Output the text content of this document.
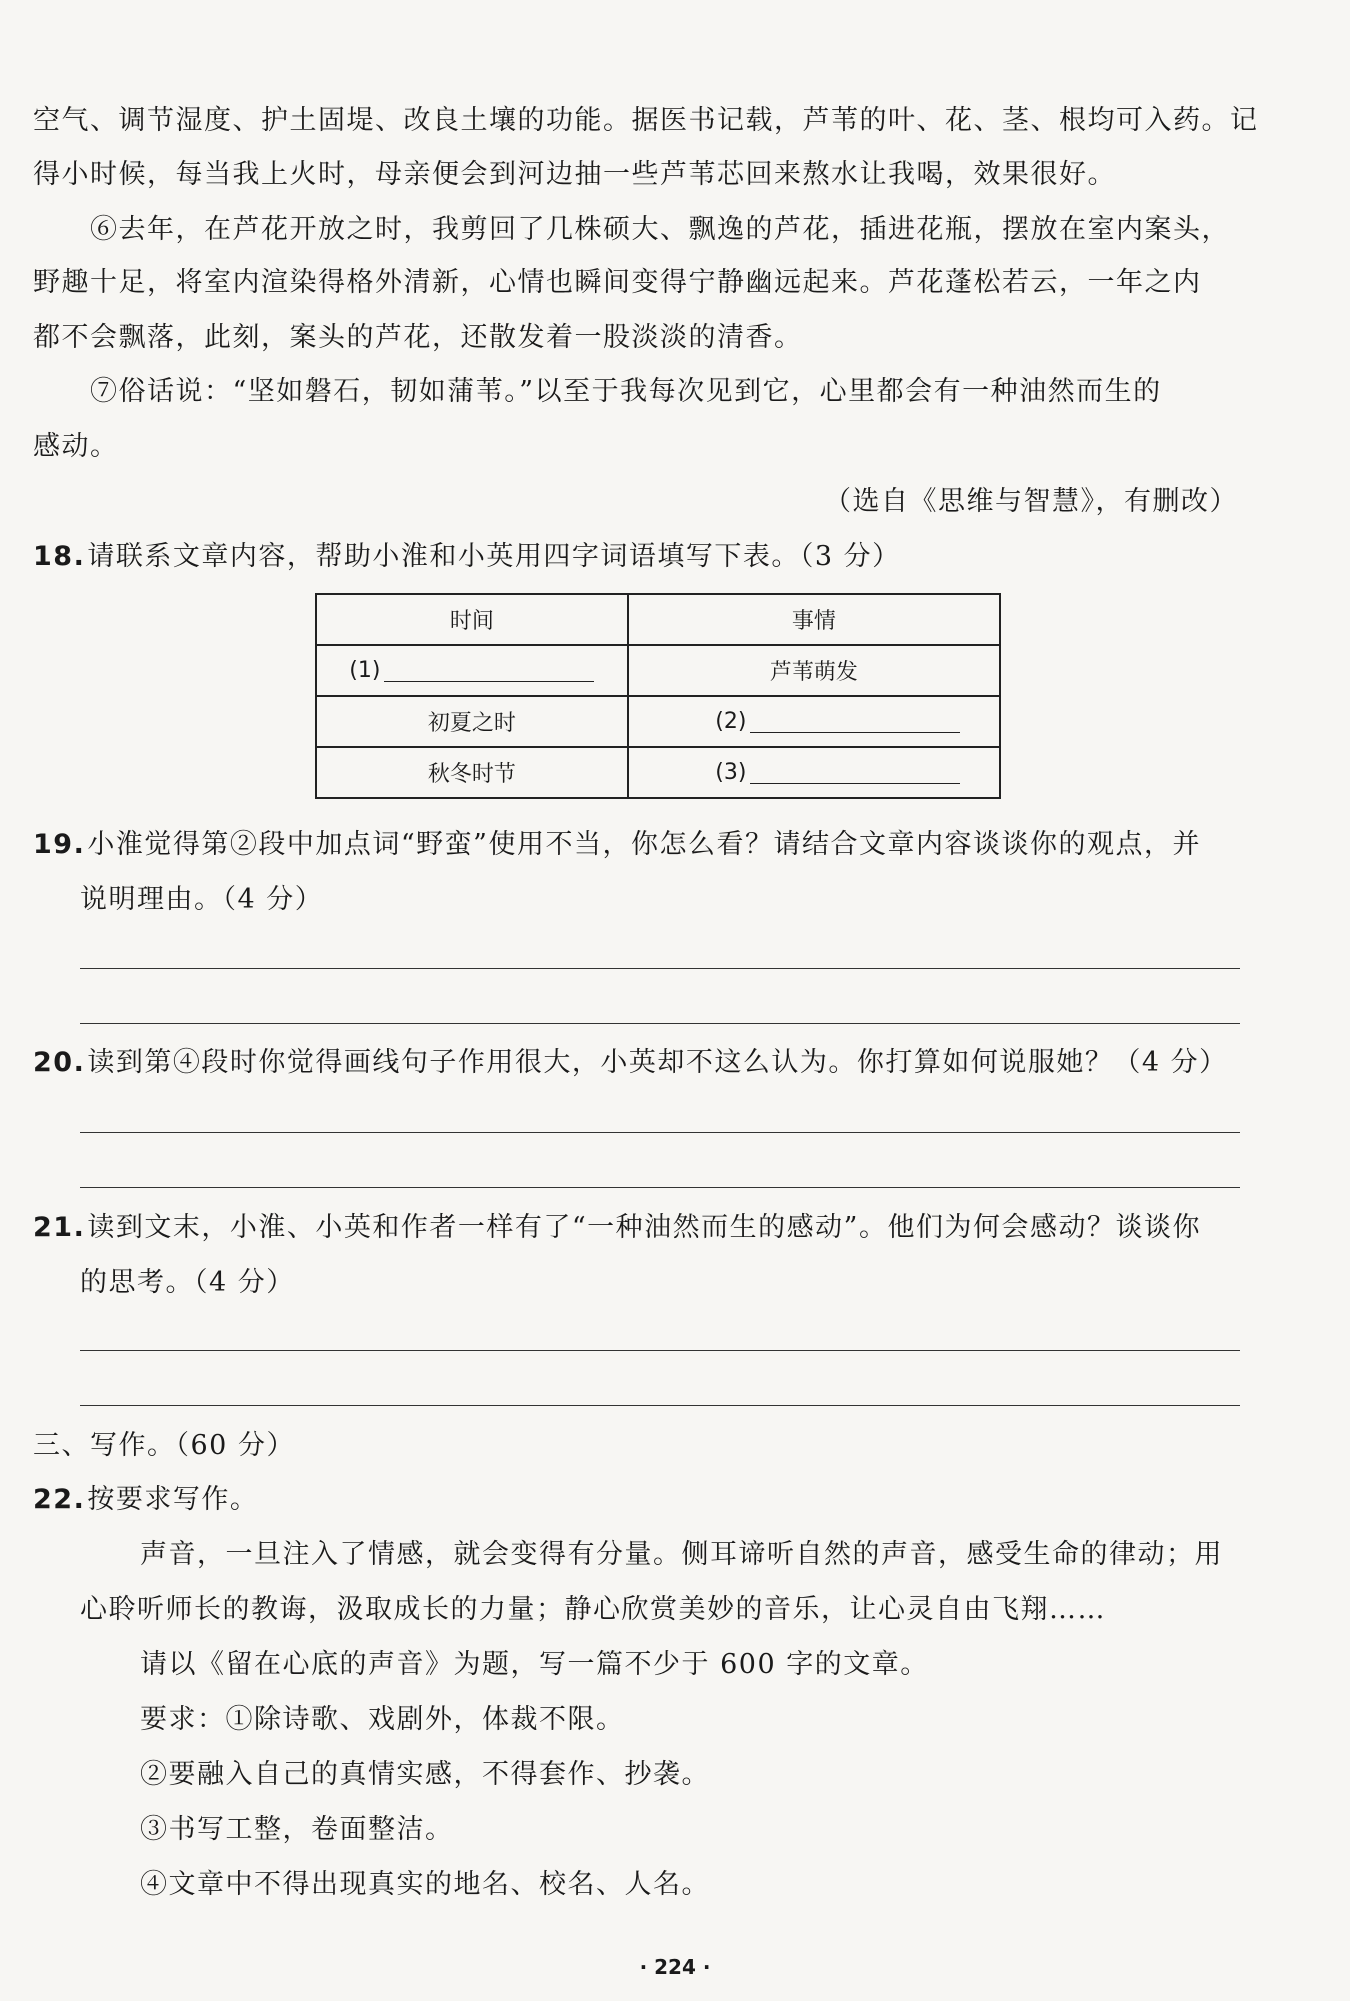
空气、调节湿度、护土固堤、改良土壤的功能。据医书记载，芦苇的叶、花、茎、根均可入药。记
得小时候，每当我上火时，母亲便会到河边抽一些芦苇芯回来熬水让我喝，效果很好。
⑥去年，在芦花开放之时，我剪回了几株硕大、飘逸的芦花，插进花瓶，摆放在室内案头，
野趣十足，将室内渲染得格外清新，心情也瞬间变得宁静幽远起来。芦花蓬松若云，一年之内
都不会飘落，此刻，案头的芦花，还散发着一股淡淡的清香。
⑦俗话说：“坚如磐石，韧如蒲苇。”以至于我每次见到它，心里都会有一种油然而生的
感动。
（选自《思维与智慧》，有删改）
18.请联系文章内容，帮助小淮和小英用四字词语填写下表。（3 分）
时间	事情
(1)	芦苇萌发
初夏之时	(2)
秋冬时节	(3)
19.小淮觉得第②段中加点词“野蛮”使用不当，你怎么看？请结合文章内容谈谈你的观点，并
说明理由。（4 分）
20.读到第④段时你觉得画线句子作用很大，小英却不这么认为。你打算如何说服她？（4 分）
21.读到文末，小淮、小英和作者一样有了“一种油然而生的感动”。他们为何会感动？谈谈你
的思考。（4 分）
三、写作。（60 分）
22.按要求写作。
声音，一旦注入了情感，就会变得有分量。侧耳谛听自然的声音，感受生命的律动；用
心聆听师长的教诲，汲取成长的力量；静心欣赏美妙的音乐，让心灵自由飞翔……
请以《留在心底的声音》为题，写一篇不少于 600 字的文章。
要求：①除诗歌、戏剧外，体裁不限。
②要融入自己的真情实感，不得套作、抄袭。
③书写工整，卷面整洁。
④文章中不得出现真实的地名、校名、人名。
· 224 ·
